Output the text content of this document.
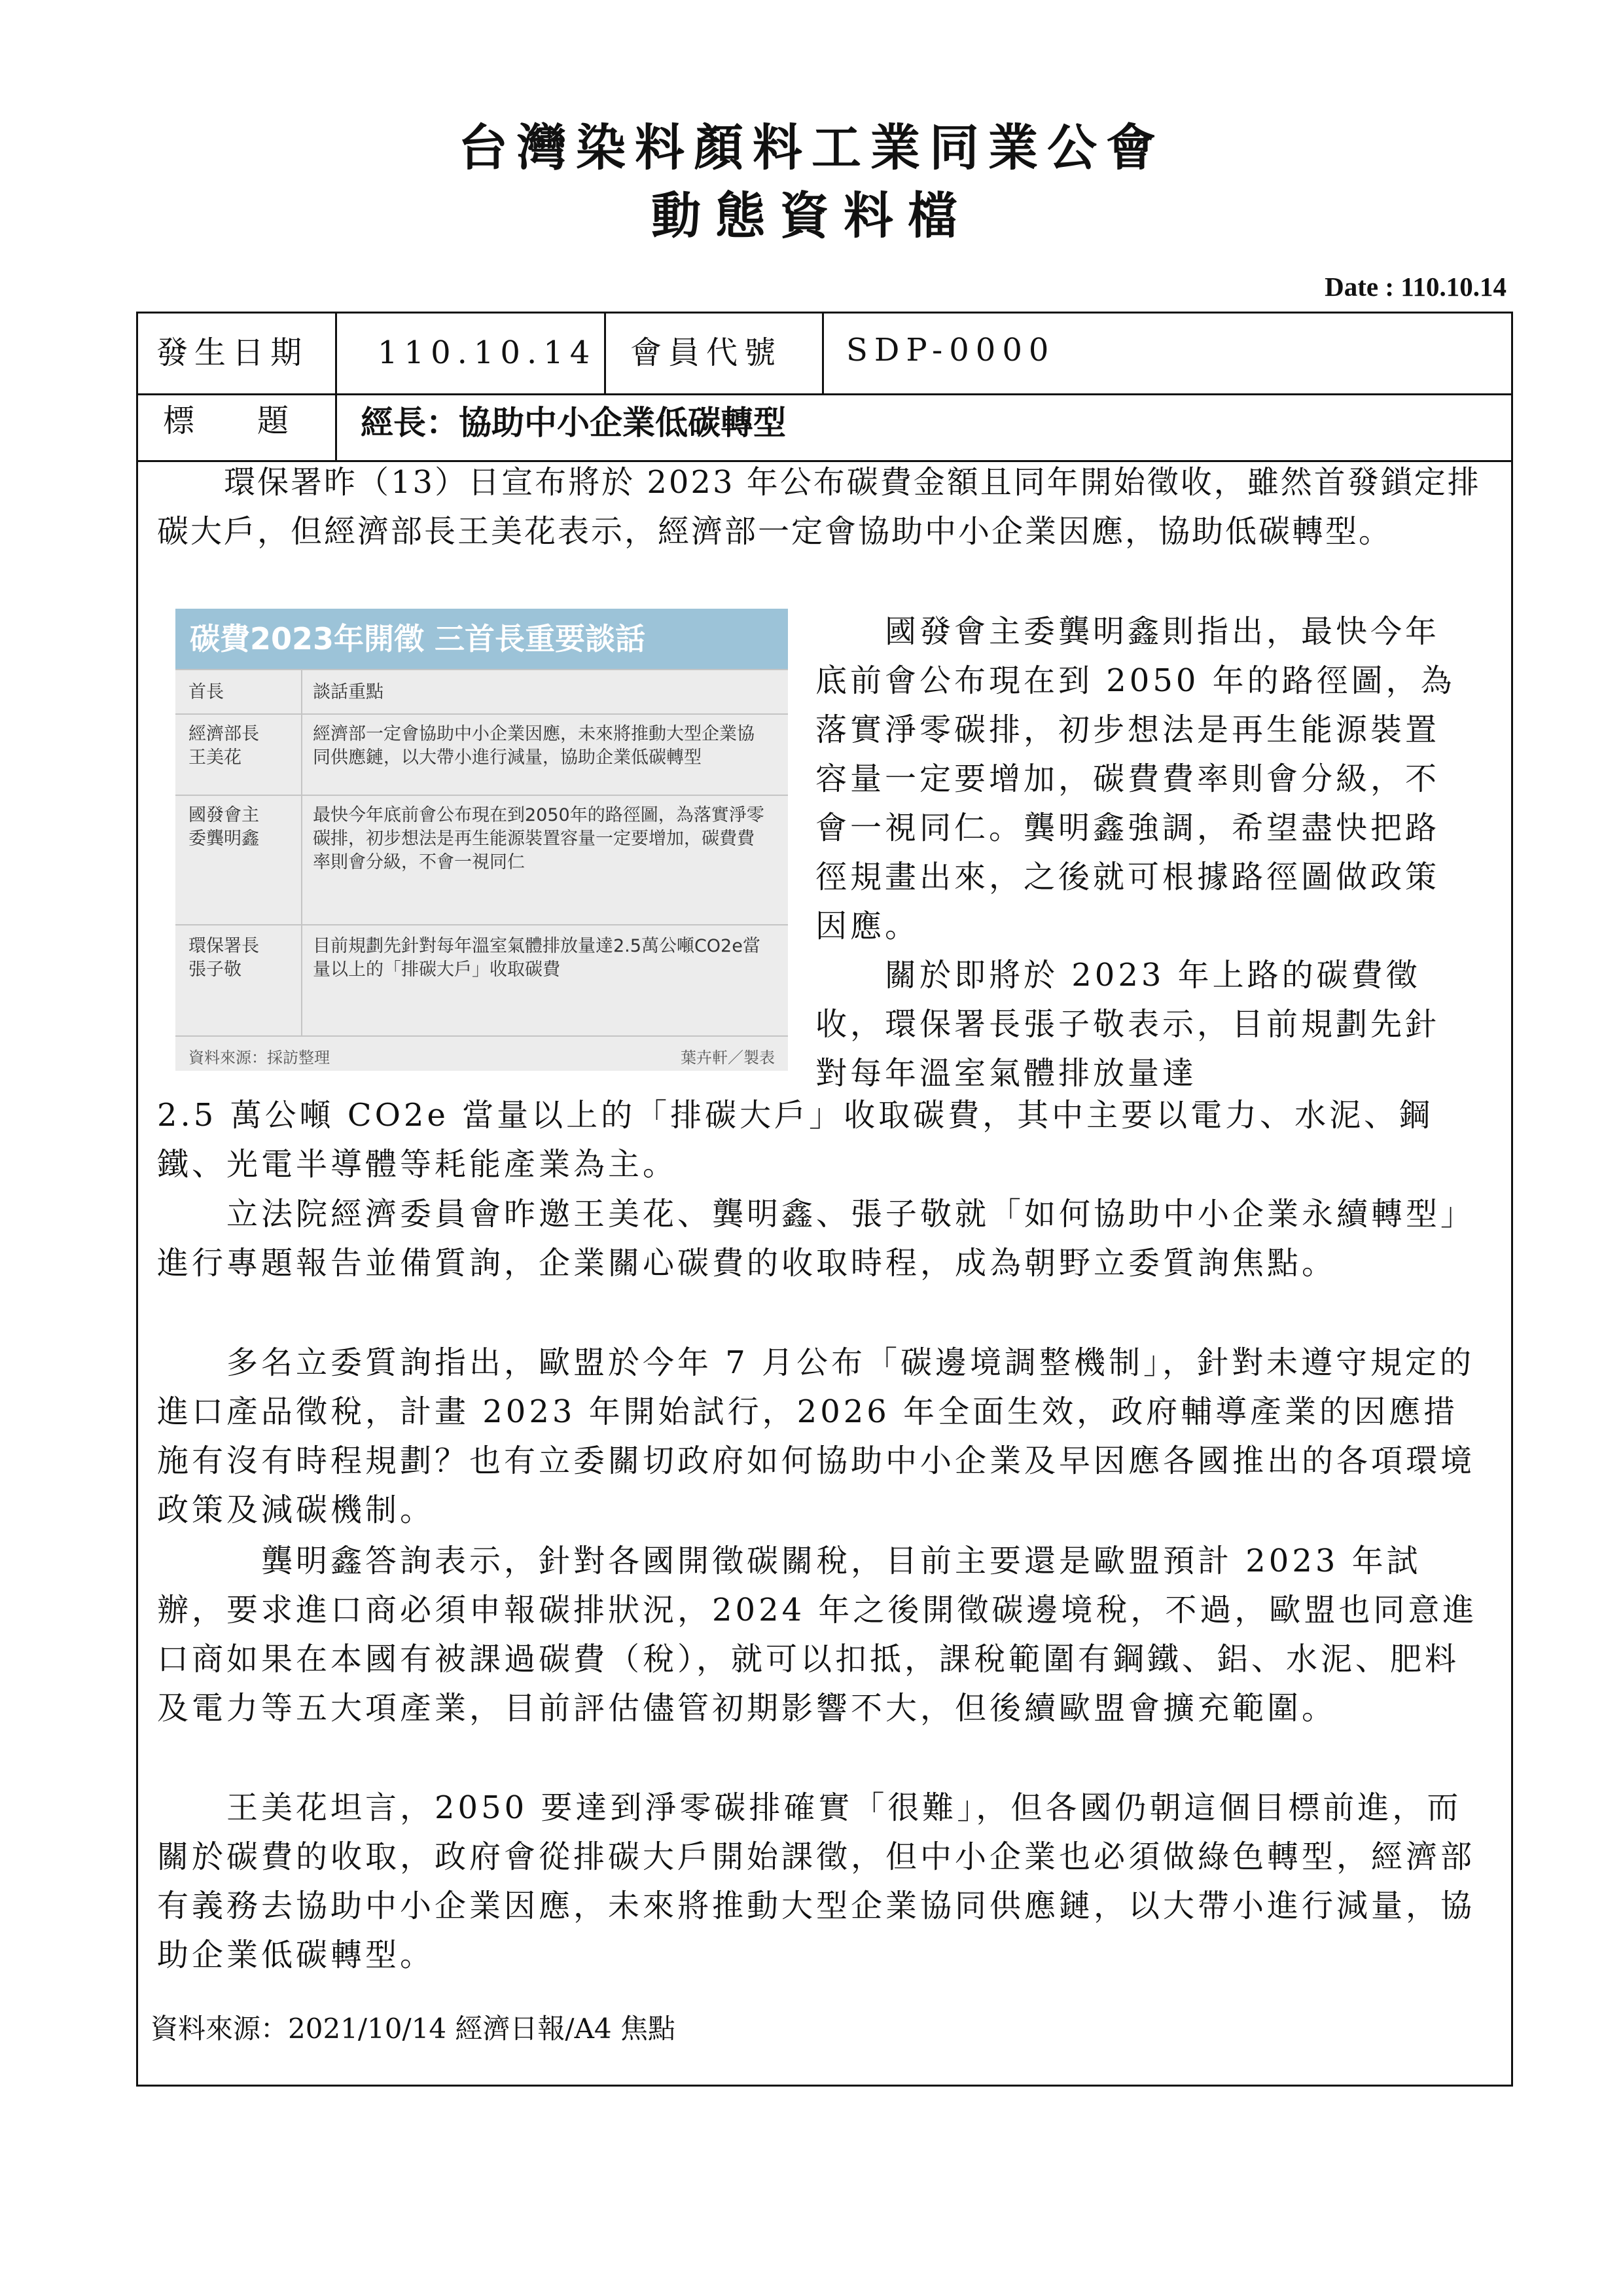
台灣染料顏料工業同業公會
動態資料檔
Date : 110.10.14
發生日期 110.10.14 會員代號 SDP-0000
標　　題 經長：協助中小企業低碳轉型
　　環保署昨（13）日宣布將於 2023 年公布碳費金額且同年開始徵收，雖然首發鎖定排碳大戶，但經濟部長王美花表示，經濟部一定會協助中小企業因應，協助低碳轉型。
　　國發會主委龔明鑫則指出，最快今年底前會公布現在到 2050 年的路徑圖，為落實淨零碳排，初步想法是再生能源裝置容量一定要增加，碳費費率則會分級，不會一視同仁。龔明鑫強調，希望盡快把路徑規畫出來，之後就可根據路徑圖做政策因應。
　　關於即將於 2023 年上路的碳費徵收，環保署長張子敬表示，目前規劃先針對每年溫室氣體排放量達
2.5 萬公噸 CO2e 當量以上的「排碳大戶」收取碳費，其中主要以電力、水泥、鋼鐵、光電半導體等耗能產業為主。
　　立法院經濟委員會昨邀王美花、龔明鑫、張子敬就「如何協助中小企業永續轉型」進行專題報告並備質詢，企業關心碳費的收取時程，成為朝野立委質詢焦點。
　　多名立委質詢指出，歐盟於今年 7 月公布「碳邊境調整機制」，針對未遵守規定的進口產品徵稅，計畫 2023 年開始試行，2026 年全面生效，政府輔導產業的因應措施有沒有時程規劃？也有立委關切政府如何協助中小企業及早因應各國推出的各項環境政策及減碳機制。
　　　龔明鑫答詢表示，針對各國開徵碳關稅，目前主要還是歐盟預計 2023 年試辦，要求進口商必須申報碳排狀況，2024 年之後開徵碳邊境稅，不過，歐盟也同意進口商如果在本國有被課過碳費（稅），就可以扣抵，課稅範圍有鋼鐵、鋁、水泥、肥料及電力等五大項產業，目前評估儘管初期影響不大，但後續歐盟會擴充範圍。
　　王美花坦言，2050 要達到淨零碳排確實「很難」，但各國仍朝這個目標前進，而關於碳費的收取，政府會從排碳大戶開始課徵，但中小企業也必須做綠色轉型，經濟部有義務去協助中小企業因應，未來將推動大型企業協同供應鏈，以大帶小進行減量，協助企業低碳轉型。
資料來源：2021/10/14 經濟日報/A4 焦點
碳費2023年開徵 三首長重要談話
首長	談話重點
經濟部長
王美花
經濟部一定會協助中小企業因應，未來將推動大型企業協同供應鏈，以大帶小進行減量，協助企業低碳轉型
國發會主
委龔明鑫
最快今年底前會公布現在到2050年的路徑圖，為落實淨零碳排，初步想法是再生能源裝置容量一定要增加，碳費費率則會分級，不會一視同仁
環保署長
張子敬
目前規劃先針對每年溫室氣體排放量達2.5萬公噸CO2e當量以上的「排碳大戶」收取碳費
資料來源：採訪整理	葉卉軒／製表
